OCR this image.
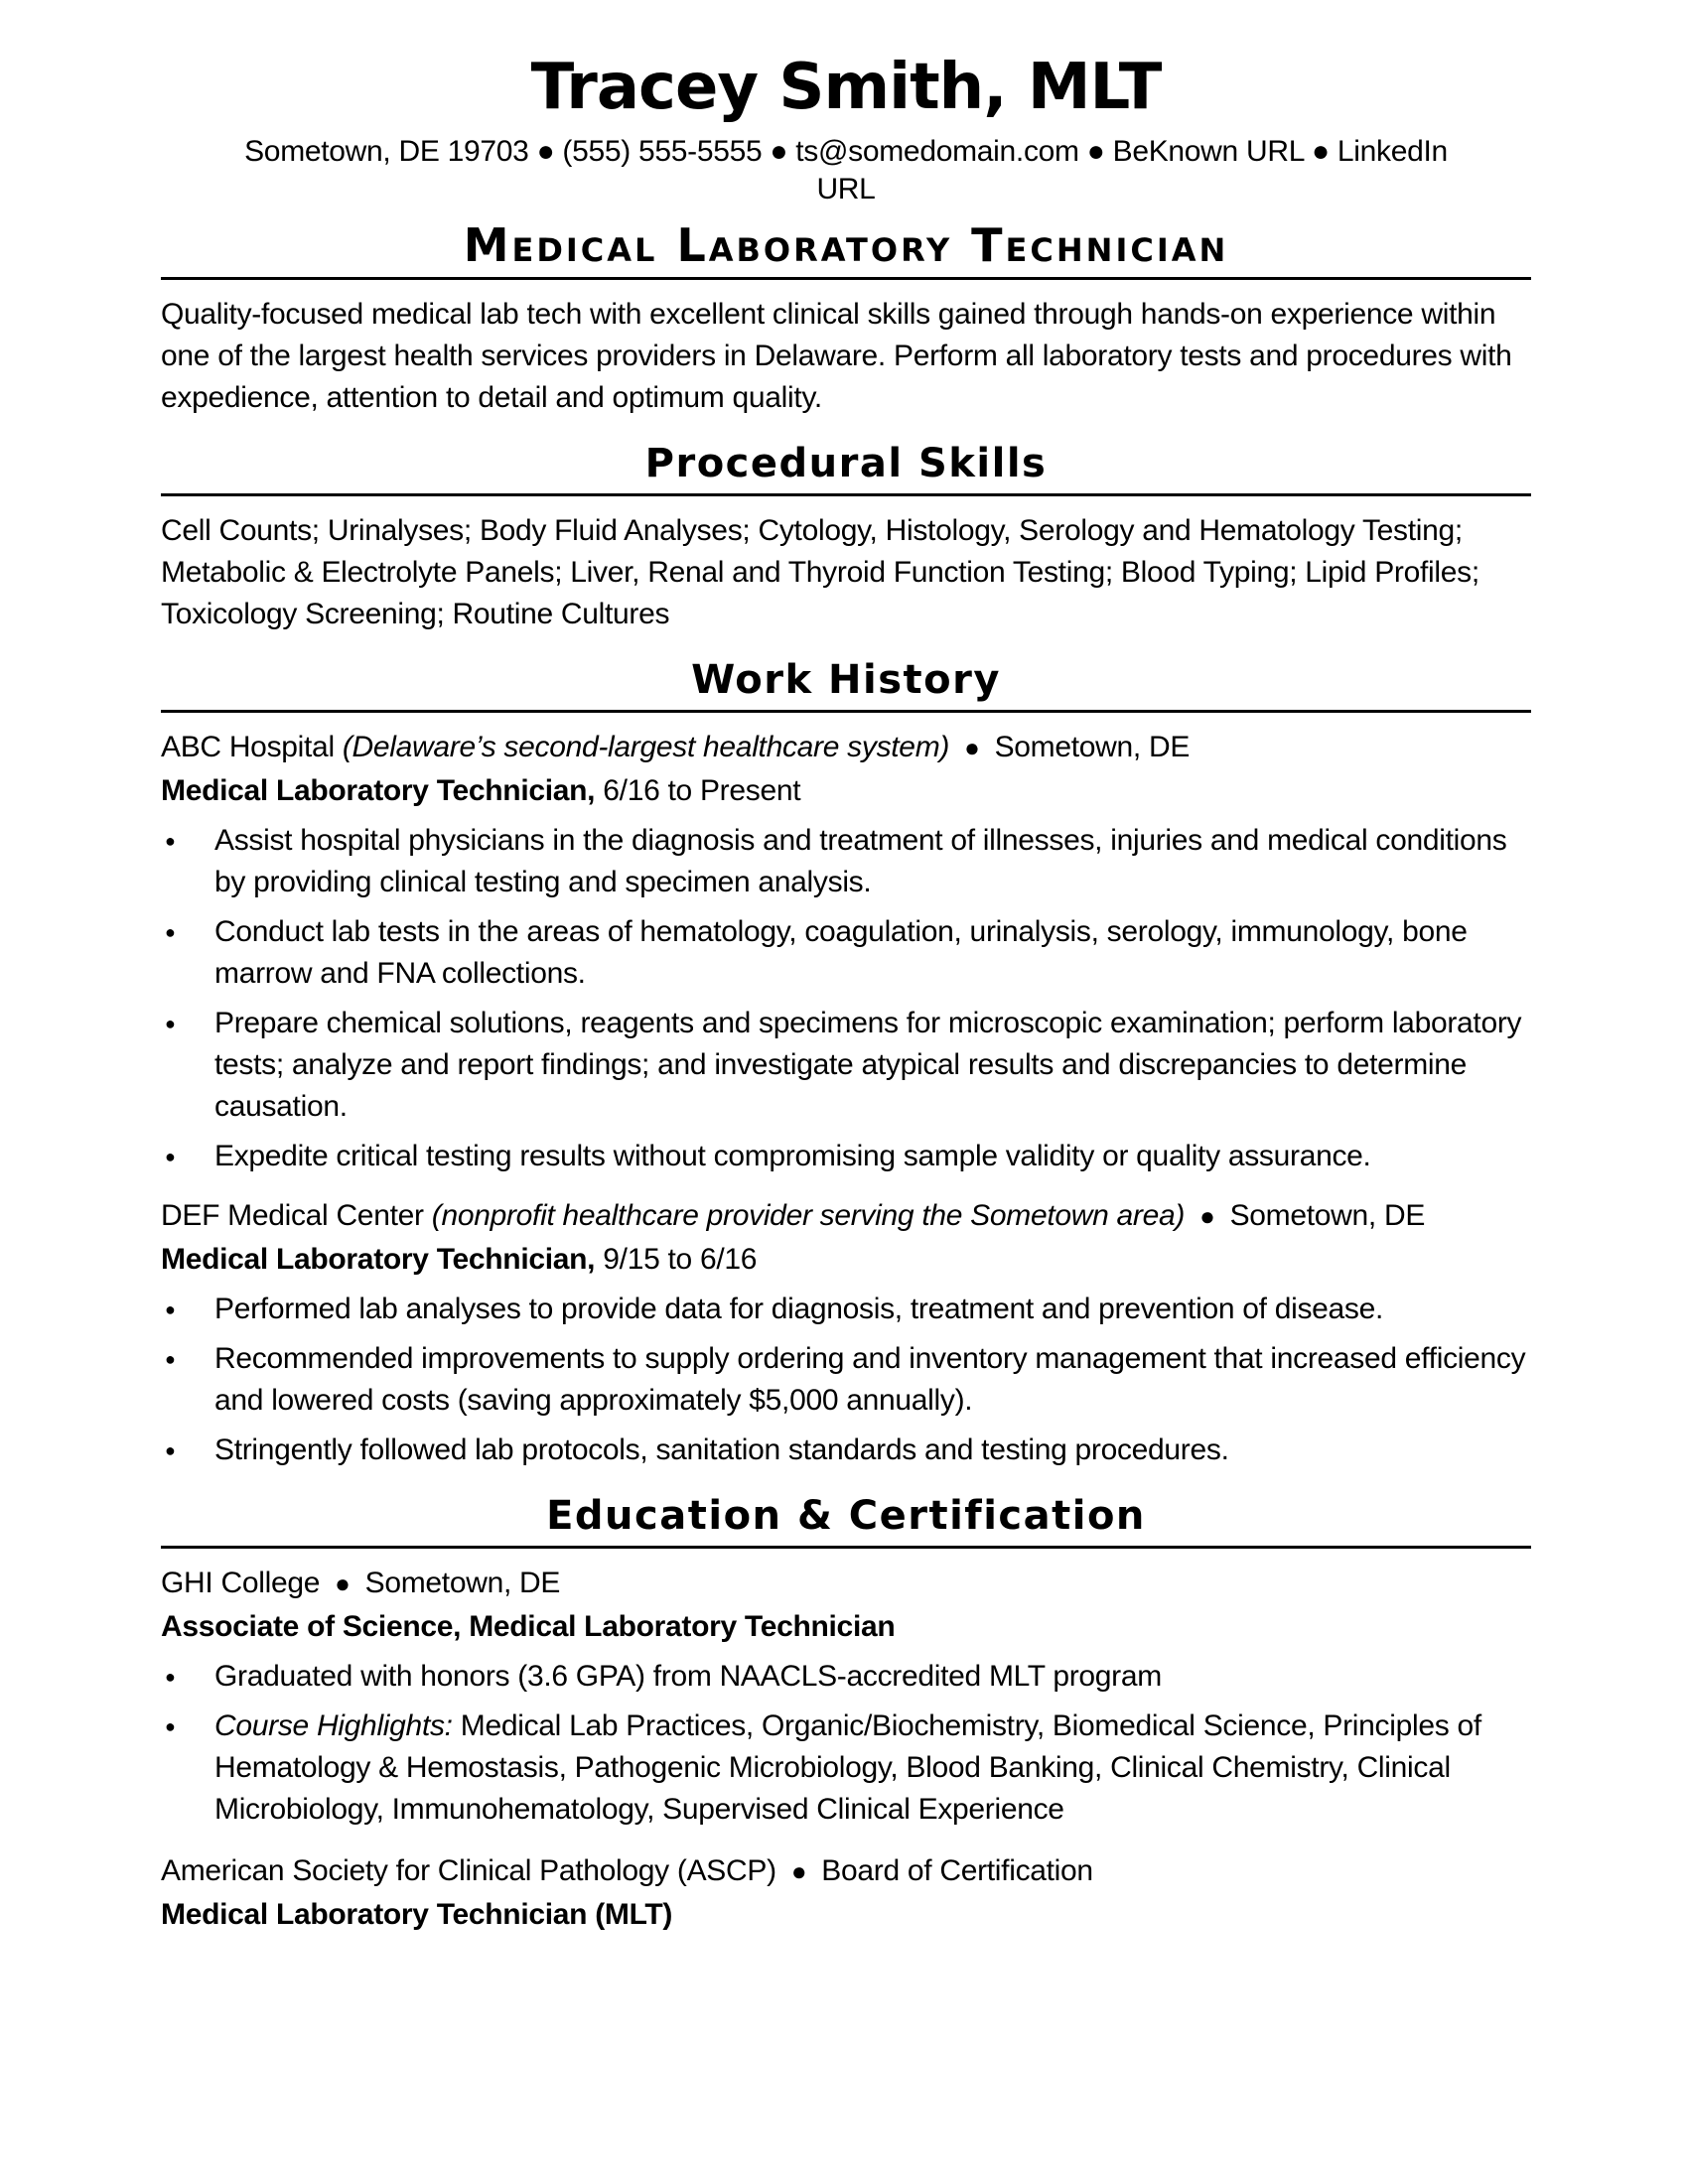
Tracey Smith, MLT
Sometown, DE 19703 ● (555) 555-5555 ● ts@somedomain.com ● BeKnown URL ● LinkedIn
URL
Medical Laboratory Technician

Quality-focused medical lab tech with excellent clinical skills gained through hands-on experience within one of the largest health services providers in Delaware. Perform all laboratory tests and procedures with expedience, attention to detail and optimum quality.

Procedural Skills

Cell Counts; Urinalyses; Body Fluid Analyses; Cytology, Histology, Serology and Hematology Testing; Metabolic & Electrolyte Panels; Liver, Renal and Thyroid Function Testing; Blood Typing; Lipid Profiles; Toxicology Screening; Routine Cultures

Work History
ABC Hospital (Delaware’s second-largest healthcare system) ● Sometown, DE
Medical Laboratory Technician, 6/16 to Present
●	Assist hospital physicians in the diagnosis and treatment of illnesses, injuries and medical conditions by providing clinical testing and specimen analysis.
●	Conduct lab tests in the areas of hematology, coagulation, urinalysis, serology, immunology, bone marrow and FNA collections.
●	Prepare chemical solutions, reagents and specimens for microscopic examination; perform laboratory tests; analyze and report findings; and investigate atypical results and discrepancies to determine causation.
●	Expedite critical testing results without compromising sample validity or quality assurance.
DEF Medical Center (nonprofit healthcare provider serving the Sometown area) ● Sometown, DE
Medical Laboratory Technician, 9/15 to 6/16
●	Performed lab analyses to provide data for diagnosis, treatment and prevention of disease.
●	Recommended improvements to supply ordering and inventory management that increased efficiency and lowered costs (saving approximately $5,000 annually).
●	Stringently followed lab protocols, sanitation standards and testing procedures.
Education & Certification
GHI College ● Sometown, DE
Associate of Science, Medical Laboratory Technician
●	Graduated with honors (3.6 GPA) from NAACLS-accredited MLT program
●	Course Highlights: Medical Lab Practices, Organic/Biochemistry, Biomedical Science, Principles of Hematology & Hemostasis, Pathogenic Microbiology, Blood Banking, Clinical Chemistry, Clinical Microbiology, Immunohematology, Supervised Clinical Experience
American Society for Clinical Pathology (ASCP) ● Board of Certification
Medical Laboratory Technician (MLT)
